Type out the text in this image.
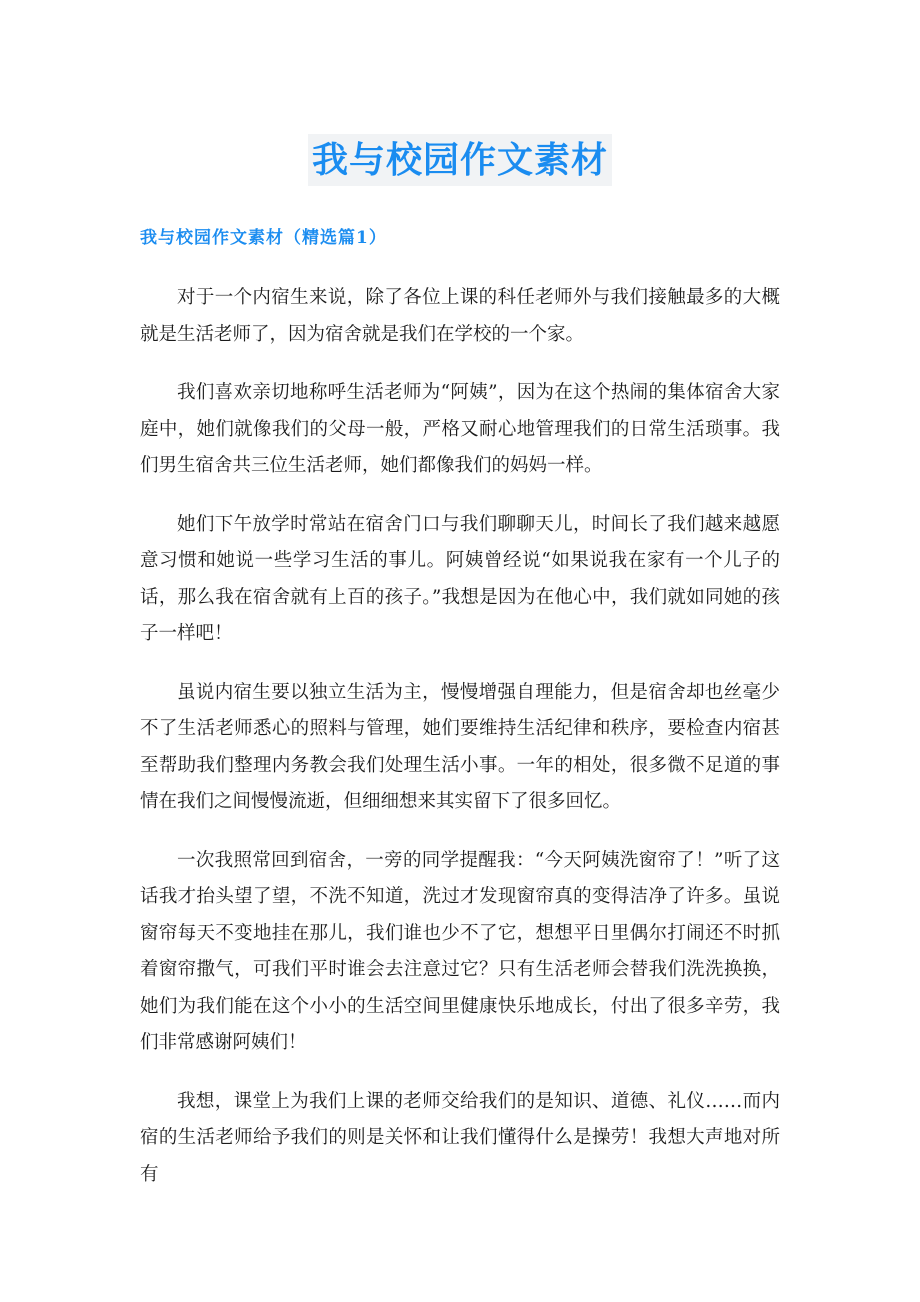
我与校园作文素材
我与校园作文素材（精选篇1）

对于一个内宿生来说，除了各位上课的科任老师外与我们接触最多的大概就是生活老师了，因为宿舍就是我们在学校的一个家。

我们喜欢亲切地称呼生活老师为“阿姨”，因为在这个热闹的集体宿舍大家庭中，她们就像我们的父母一般，严格又耐心地管理我们的日常生活琐事。我们男生宿舍共三位生活老师，她们都像我们的妈妈一样。

她们下午放学时常站在宿舍门口与我们聊聊天儿，时间长了我们越来越愿意习惯和她说一些学习生活的事儿。阿姨曾经说“如果说我在家有一个儿子的话，那么我在宿舍就有上百的孩子。”我想是因为在他心中，我们就如同她的孩子一样吧！

虽说内宿生要以独立生活为主，慢慢增强自理能力，但是宿舍却也丝毫少不了生活老师悉心的照料与管理，她们要维持生活纪律和秩序，要检查内宿甚至帮助我们整理内务教会我们处理生活小事。一年的相处，很多微不足道的事情在我们之间慢慢流逝，但细细想来其实留下了很多回忆。

一次我照常回到宿舍，一旁的同学提醒我：“今天阿姨洗窗帘了！”听了这话我才抬头望了望，不洗不知道，洗过才发现窗帘真的变得洁净了许多。虽说窗帘每天不变地挂在那儿，我们谁也少不了它，想想平日里偶尔打闹还不时抓着窗帘撒气，可我们平时谁会去注意过它？只有生活老师会替我们洗洗换换，她们为我们能在这个小小的生活空间里健康快乐地成长，付出了很多辛劳，我们非常感谢阿姨们！

我想，课堂上为我们上课的老师交给我们的是知识、道德、礼仪……而内宿的生活老师给予我们的则是关怀和让我们懂得什么是操劳！我想大声地对所有
